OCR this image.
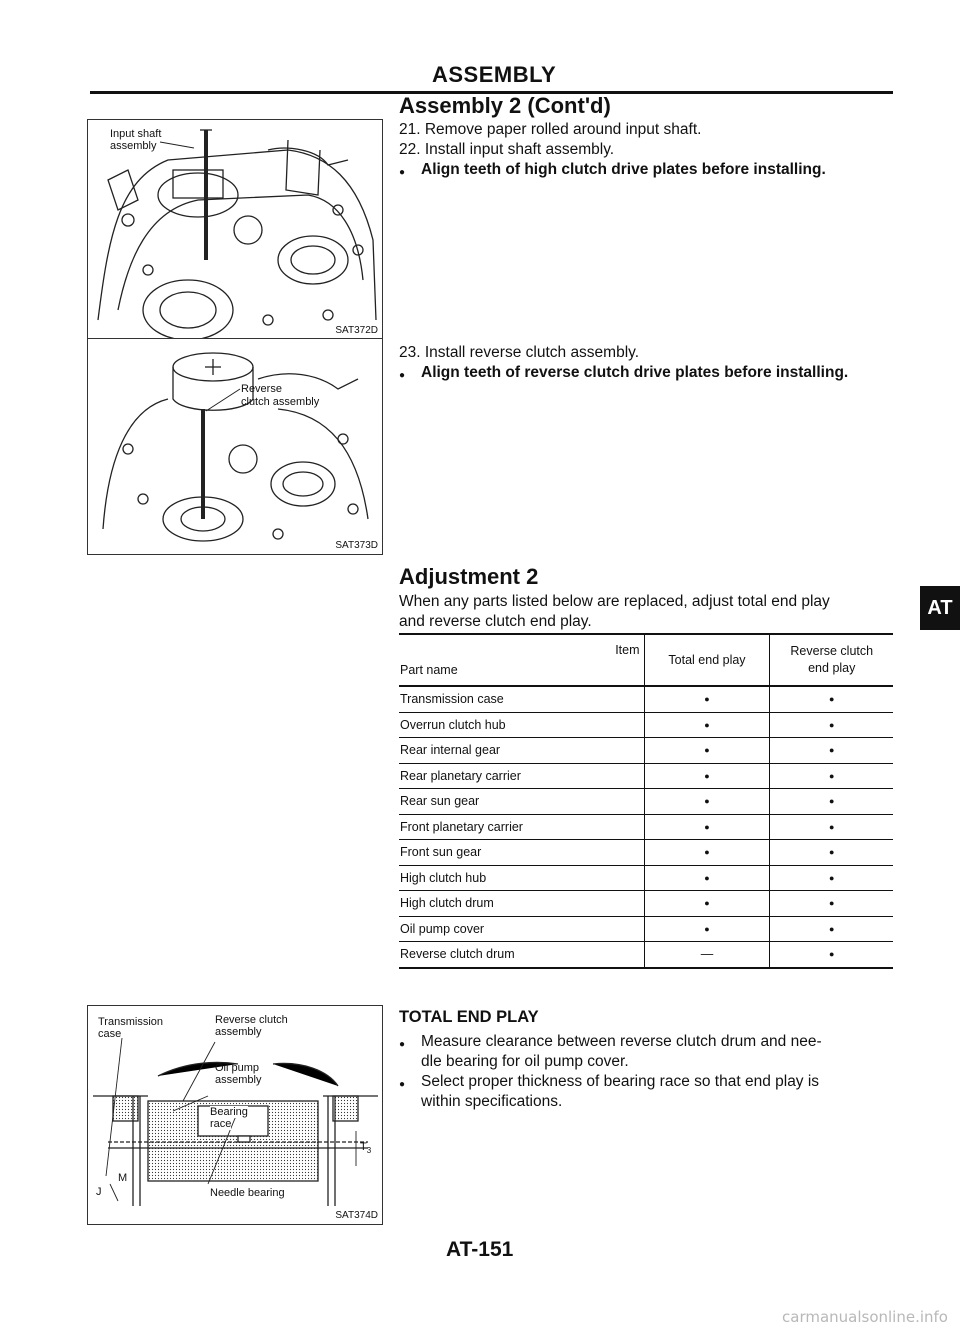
ASSEMBLY
Assembly 2 (Cont'd)
21. Remove paper rolled around input shaft.
22. Install input shaft assembly.
● Align teeth of high clutch drive plates before installing.
Input shaft
assembly
SAT372D
Reverse
clutch assembly
SAT373D
23. Install reverse clutch assembly.
● Align teeth of reverse clutch drive plates before installing.
Adjustment 2
AT
When any parts listed below are replaced, adjust total end play
and reverse clutch end play.
Item
Part name	Total end play	Reverse clutch
end play
Transmission case	●	●
Overrun clutch hub	●	●
Rear internal gear	●	●
Rear planetary carrier	●	●
Rear sun gear	●	●
Front planetary carrier	●	●
Front sun gear	●	●
High clutch hub	●	●
High clutch drum	●	●
Oil pump cover	●	●
Reverse clutch drum	—	●
Transmission
case
Reverse clutch
assembly
Oil pump
assembly
Bearing
race
Needle bearing
J
M
$T_3$
SAT374D
TOTAL END PLAY
● Measure clearance between reverse clutch drum and nee-
dle bearing for oil pump cover.
● Select proper thickness of bearing race so that end play is
within specifications.
AT-151
carmanualsonline.info
